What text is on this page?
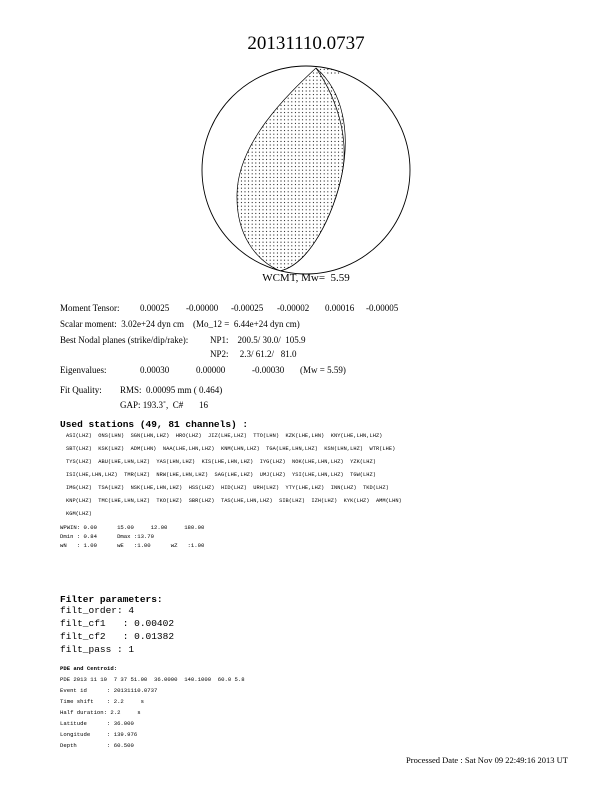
20131110.0737
WCMT, Mw=  5.59
Moment Tensor: 0.00025 -0.00000 -0.00025 -0.00002 0.00016 -0.00005
Scalar moment:  3.02e+24 dyn cm    (Mo_12 =  6.44e+24 dyn cm)
Best Nodal planes (strike/dip/rake): NP1:    200.5/ 30.0/  105.9
NP2:     2.3/ 61.2/   81.0
Eigenvalues:	0.00030	0.00000	-0.00030 (Mw = 5.59)
Fit Quality: RMS:  0.00095 mm ( 0.464)
GAP: 193.3˚,  C#       16
Used stations (49, 81 channels) :
ASI(LHZ)  ONS(LHN)  SGN(LHN,LHZ)  HRO(LHZ)  JIZ(LHE,LHZ)  TTO(LHN)  KZK(LHE,LHN)  KNY(LHE,LHN,LHZ)
SBT(LHZ)  KSK(LHZ)  ADM(LHN)  NAA(LHE,LHN,LHZ)  KNM(LHN,LHZ)  TGA(LHE,LHN,LHZ)  KSN(LHN,LHZ)  WTR(LHE)
TYS(LHZ)  ABU(LHE,LHN,LHZ)  YAS(LHN,LHZ)  KIS(LHE,LHN,LHZ)  IYG(LHZ)  NOK(LHE,LHN,LHZ)  YZK(LHZ)
ISI(LHE,LHN,LHZ)  TMR(LHZ)  NRW(LHE,LHN,LHZ)  SAG(LHE,LHZ)  UMJ(LHZ)  YSI(LHE,LHN,LHZ)  TGW(LHZ)
IMG(LHZ)  TSA(LHZ)  NSK(LHE,LHN,LHZ)  HSS(LHZ)  HID(LHZ)  URH(LHZ)  YTY(LHE,LHZ)  INN(LHZ)  TKD(LHZ)
KNP(LHZ)  TMC(LHE,LHN,LHZ)  TKO(LHZ)  SBR(LHZ)  TAS(LHE,LHN,LHZ)  SIB(LHZ)  IZH(LHZ)  KYK(LHZ)  AMM(LHN)
KGM(LHZ)
WPWIN: 0.00      15.00     12.00     180.00
Dmin : 0.84      Dmax :13.70
wN   : 1.00      wE   :1.00      wZ   :1.00
Filter parameters:
filt_order: 4
filt_cf1   : 0.00402
filt_cf2   : 0.01382
filt_pass : 1
PDE and Centroid:
PDE 2013 11 10  7 37 51.00  36.0000  140.1000  60.0 5.8
Event id      : 20131110.0737
Time shift    : 2.2     s
Half duration: 2.2     s
Latitude      : 36.000
Longitude     : 139.976
Depth         : 60.500
Processed Date : Sat Nov 09 22:49:16 2013 UT
